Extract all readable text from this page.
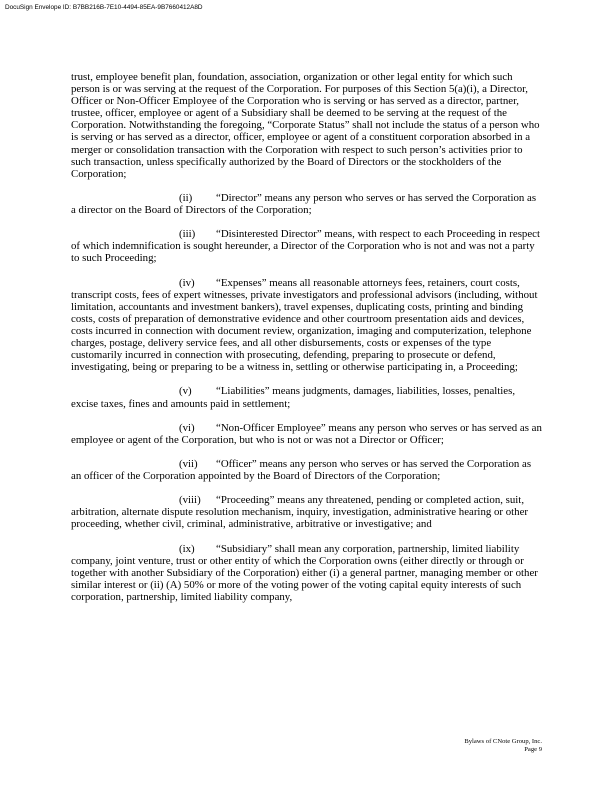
DocuSign Envelope ID: B7BB216B-7E10-4494-85EA-9B7660412A8D

trust, employee benefit plan, foundation, association, organization or other legal entity for which such person is or was serving at the request of the Corporation. For purposes of this Section 5(a)(i), a Director, Officer or Non-Officer Employee of the Corporation who is serving or has served as a director, partner, trustee, officer, employee or agent of a Subsidiary shall be deemed to be serving at the request of the Corporation. Notwithstanding the foregoing, “Corporate Status” shall not include the status of a person who is serving or has served as a director, officer, employee or agent of a constituent corporation absorbed in a merger or consolidation transaction with the Corporation with respect to such person’s activities prior to such transaction, unless specifically authorized by the Board of Directors or the stockholders of the Corporation;

(ii) “Director” means any person who serves or has served the Corporation as a director on the Board of Directors of the Corporation;

(iii) “Disinterested Director” means, with respect to each Proceeding in respect of which indemnification is sought hereunder, a Director of the Corporation who is not and was not a party to such Proceeding;

(iv) “Expenses” means all reasonable attorneys fees, retainers, court costs, transcript costs, fees of expert witnesses, private investigators and professional advisors (including, without limitation, accountants and investment bankers), travel expenses, duplicating costs, printing and binding costs, costs of preparation of demonstrative evidence and other courtroom presentation aids and devices, costs incurred in connection with document review, organization, imaging and computerization, telephone charges, postage, delivery service fees, and all other disbursements, costs or expenses of the type customarily incurred in connection with prosecuting, defending, preparing to prosecute or defend, investigating, being or preparing to be a witness in, settling or otherwise participating in, a Proceeding;

(v) “Liabilities” means judgments, damages, liabilities, losses, penalties, excise taxes, fines and amounts paid in settlement;

(vi) “Non-Officer Employee” means any person who serves or has served as an employee or agent of the Corporation, but who is not or was not a Director or Officer;

(vii) “Officer” means any person who serves or has served the Corporation as an officer of the Corporation appointed by the Board of Directors of the Corporation;

(viii) “Proceeding” means any threatened, pending or completed action, suit, arbitration, alternate dispute resolution mechanism, inquiry, investigation, administrative hearing or other proceeding, whether civil, criminal, administrative, arbitrative or investigative; and

(ix) “Subsidiary” shall mean any corporation, partnership, limited liability company, joint venture, trust or other entity of which the Corporation owns (either directly or through or together with another Subsidiary of the Corporation) either (i) a general partner, managing member or other similar interest or (ii) (A) 50% or more of the voting power of the voting capital equity interests of such corporation, partnership, limited liability company,

Bylaws of CNote Group, Inc.
Page 9
